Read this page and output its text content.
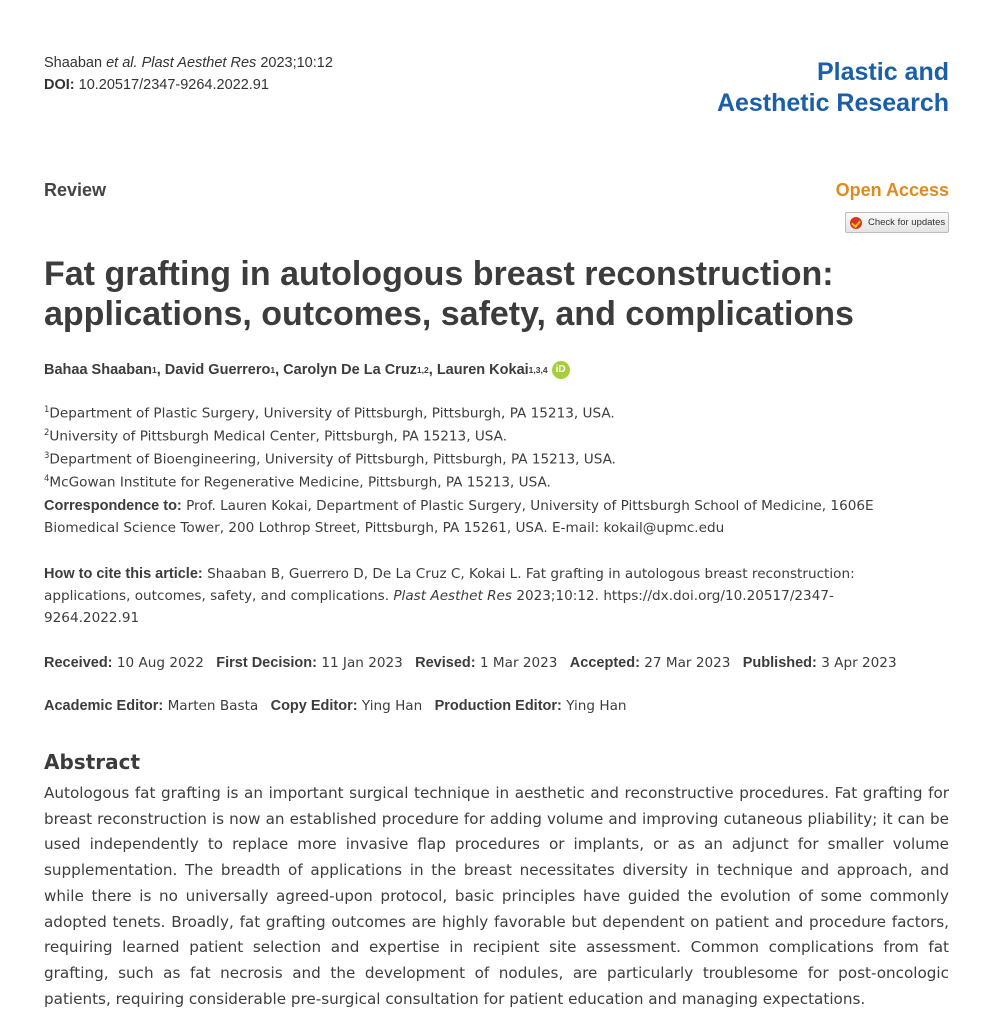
Shaaban et al. Plast Aesthet Res 2023;10:12
DOI: 10.20517/2347-9264.2022.91	Plastic and
Aesthetic Research
Review	Open Access
Check for updates
Fat grafting in autologous breast reconstruction:
applications, outcomes, safety, and complications
Bahaa Shaaban 1 , David Guerrero 1 , Carolyn De La Cruz 1,2 , Lauren Kokai 1,3,4 iD
$^1$Department of Plastic Surgery, University of Pittsburgh, Pittsburgh, PA 15213, USA.
$^2$University of Pittsburgh Medical Center, Pittsburgh, PA 15213, USA.
$^3$Department of Bioengineering, University of Pittsburgh, Pittsburgh, PA 15213, USA.
$^4$McGowan Institute for Regenerative Medicine, Pittsburgh, PA 15213, USA.
Correspondence to: Prof. Lauren Kokai, Department of Plastic Surgery, University of Pittsburgh School of Medicine, 1606E
Biomedical Science Tower, 200 Lothrop Street, Pittsburgh, PA 15261, USA. E-mail: kokail@upmc.edu
How to cite this article: Shaaban B, Guerrero D, De La Cruz C, Kokai L. Fat grafting in autologous breast reconstruction:
applications, outcomes, safety, and complications. Plast Aesthet Res 2023;10:12. https://dx.doi.org/10.20517/2347-
9264.2022.91
Received: 10 Aug 2022 First Decision: 11 Jan 2023 Revised: 1 Mar 2023 Accepted: 27 Mar 2023 Published: 3 Apr 2023
Academic Editor: Marten Basta Copy Editor: Ying Han Production Editor: Ying Han
Abstract

Autologous fat grafting is an important surgical technique in aesthetic and reconstructive procedures. Fat grafting for breast reconstruction is now an established procedure for adding volume and improving cutaneous pliability; it can be used independently to replace more invasive flap procedures or implants, or as an adjunct for smaller volume supplementation. The breadth of applications in the breast necessitates diversity in technique and approach, and while there is no universally agreed-upon protocol, basic principles have guided the evolution of some commonly adopted tenets. Broadly, fat grafting outcomes are highly favorable but dependent on patient and procedure factors, requiring learned patient selection and expertise in recipient site assessment. Common complications from fat grafting, such as fat necrosis and the development of nodules, are particularly troublesome for post-oncologic patients, requiring considerable pre-surgical consultation for patient education and managing expectations.
